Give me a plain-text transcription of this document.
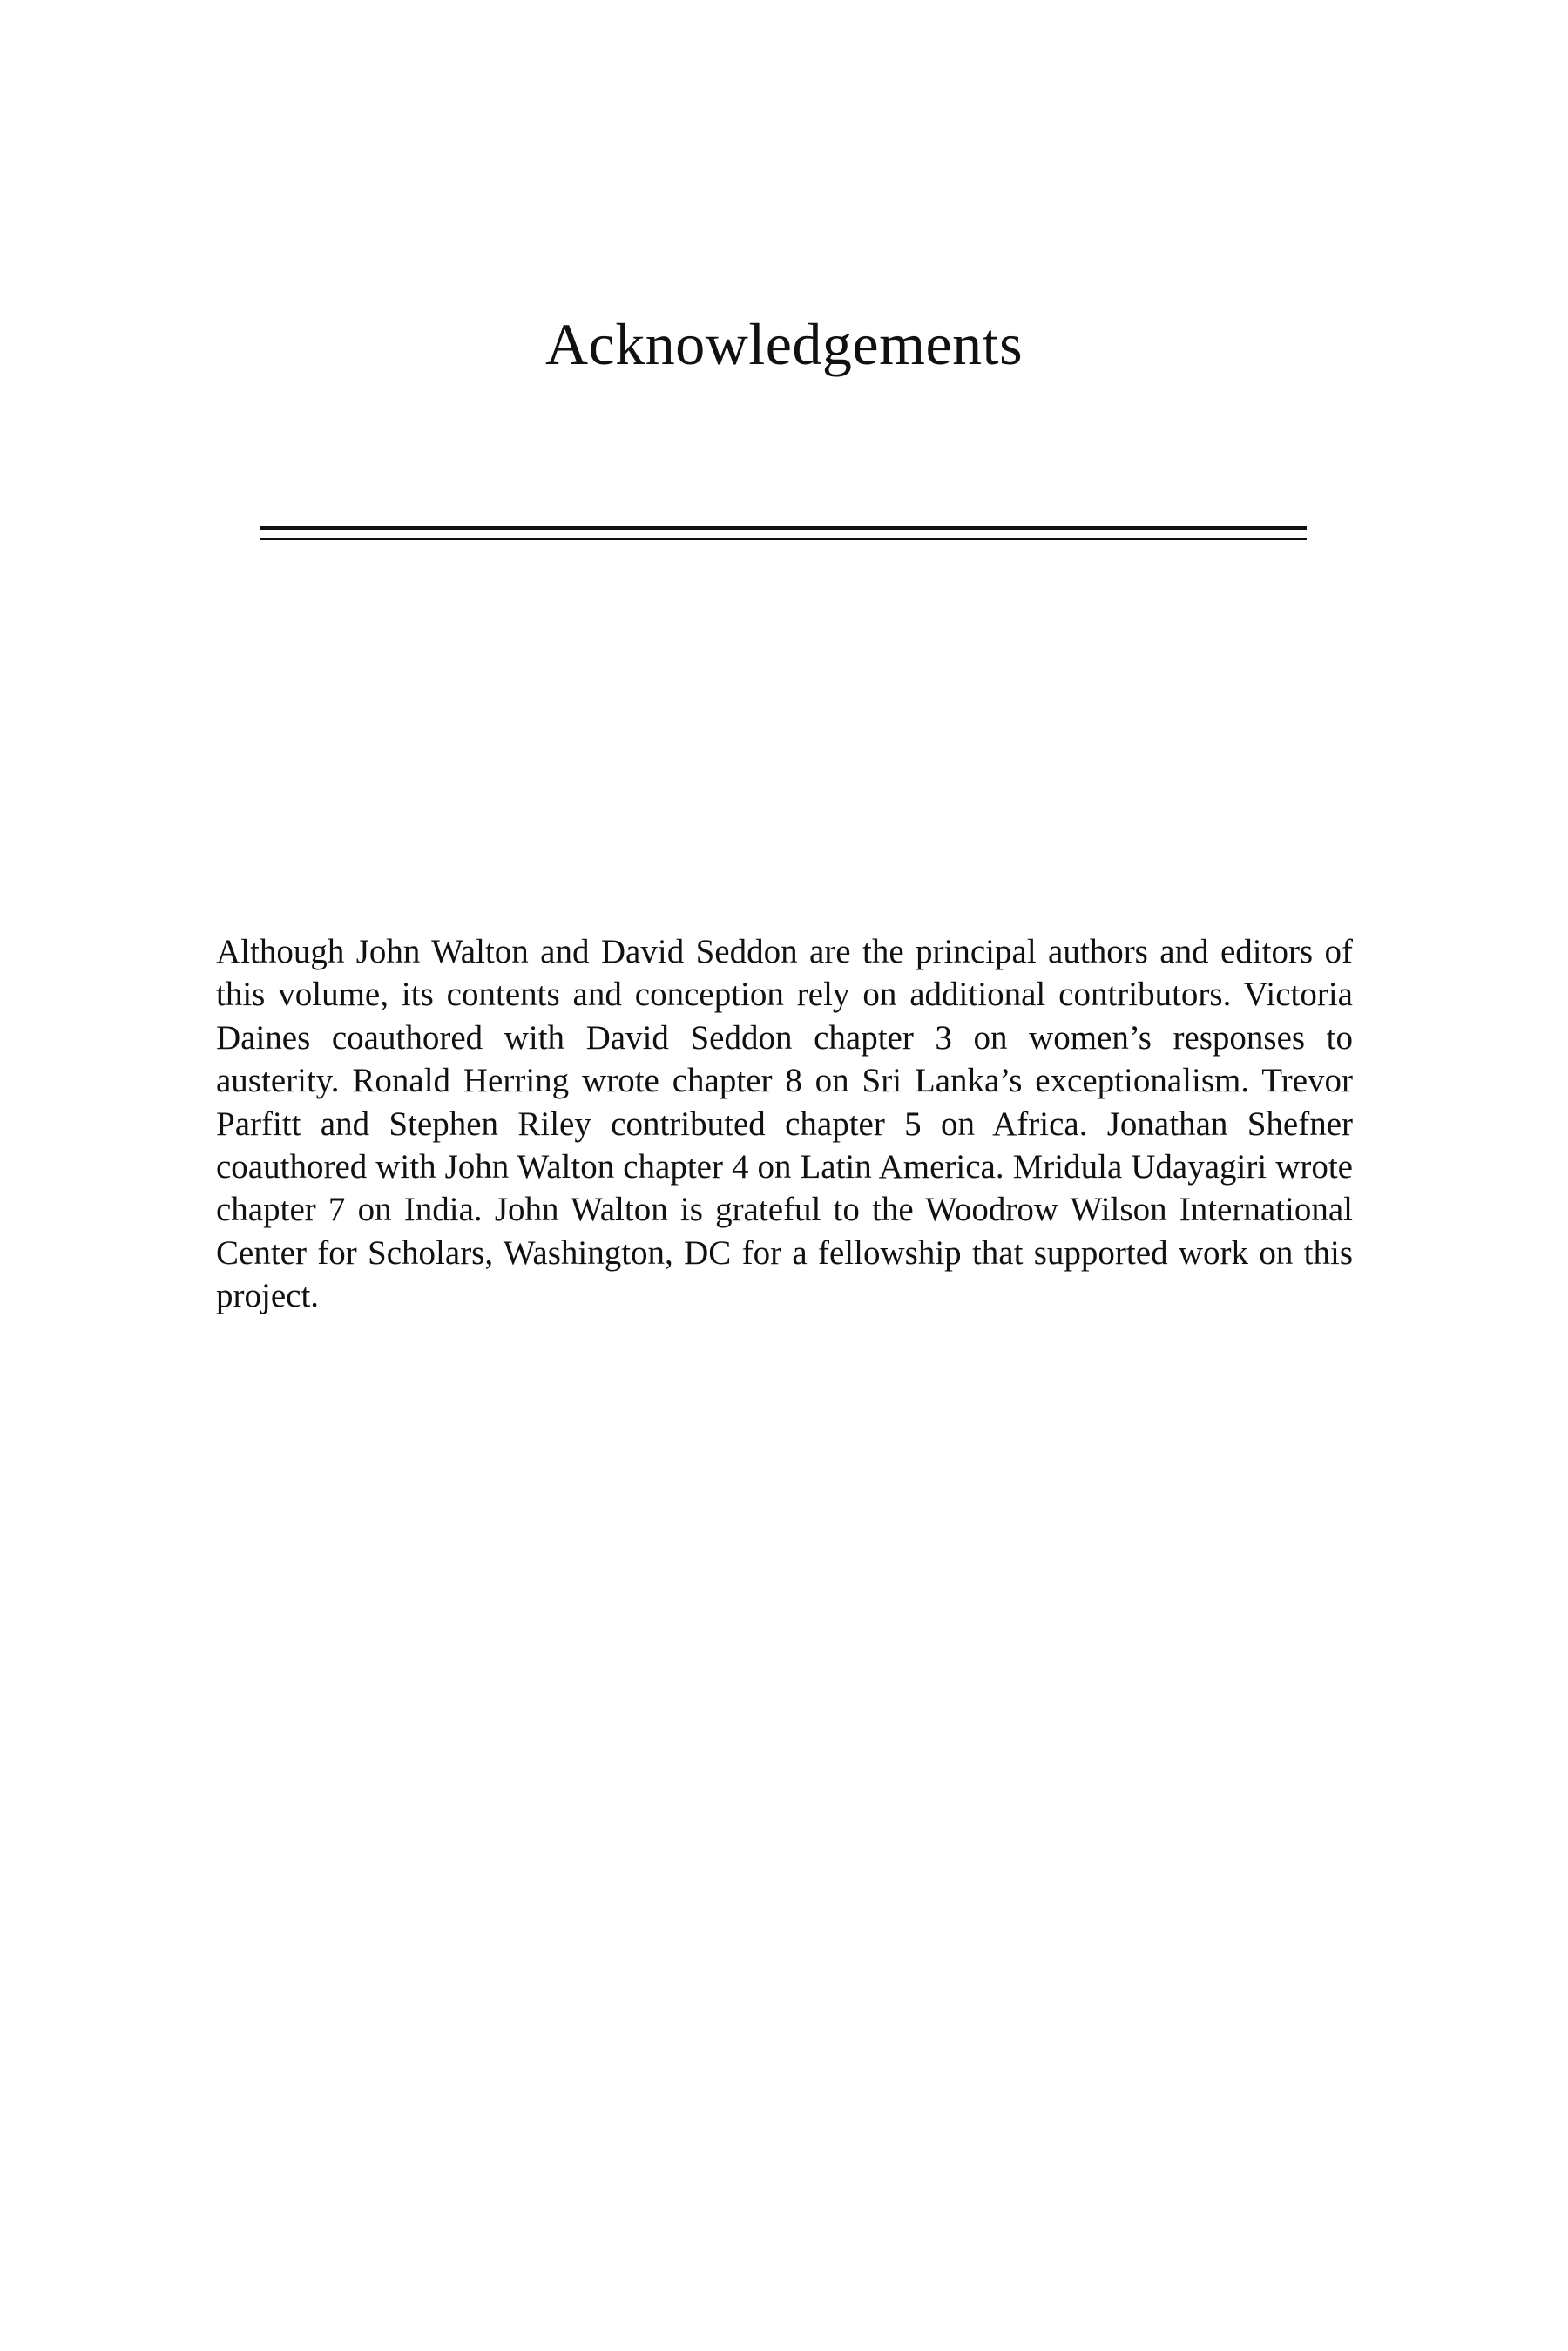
Acknowledgements

Although John Walton and David Seddon are the principal authors and editors of this volume, its contents and conception rely on additional contributors. Victoria Daines coauthored with David Seddon chapter 3 on women’s responses to austerity. Ronald Herring wrote chapter 8 on Sri Lanka’s exceptionalism. Trevor Parfitt and Stephen Riley contributed chapter 5 on Africa. Jonathan Shefner coauthored with John Walton chapter 4 on Latin America. Mridula Udayagiri wrote chapter 7 on India. John Walton is grateful to the Woodrow Wilson International Center for Scholars, Washington, DC for a fellowship that supported work on this project.
